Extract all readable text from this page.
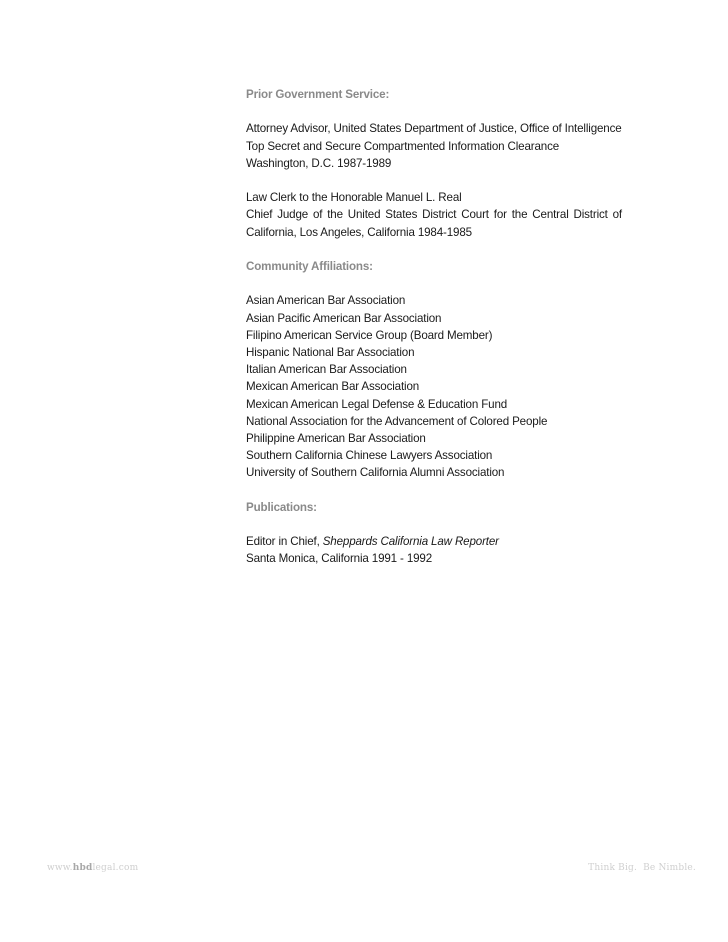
Prior Government Service:

Attorney Advisor, United States Department of Justice, Office of Intelligence
Top Secret and Secure Compartmented Information Clearance
Washington, D.C. 1987-1989
Law Clerk to the Honorable Manuel L. Real
Chief Judge of the United States District Court for the Central District of
California, Los Angeles, California 1984-1985

Community Affiliations:

Asian American Bar Association
Asian Pacific American Bar Association
Filipino American Service Group (Board Member)
Hispanic National Bar Association
Italian American Bar Association
Mexican American Bar Association
Mexican American Legal Defense & Education Fund
National Association for the Advancement of Colored People
Philippine American Bar Association
Southern California Chinese Lawyers Association
University of Southern California Alumni Association

Publications:

Editor in Chief, Sheppards California Law Reporter
Santa Monica, California 1991 - 1992
www.hbdlegal.com	Think Big. Be Nimble.
